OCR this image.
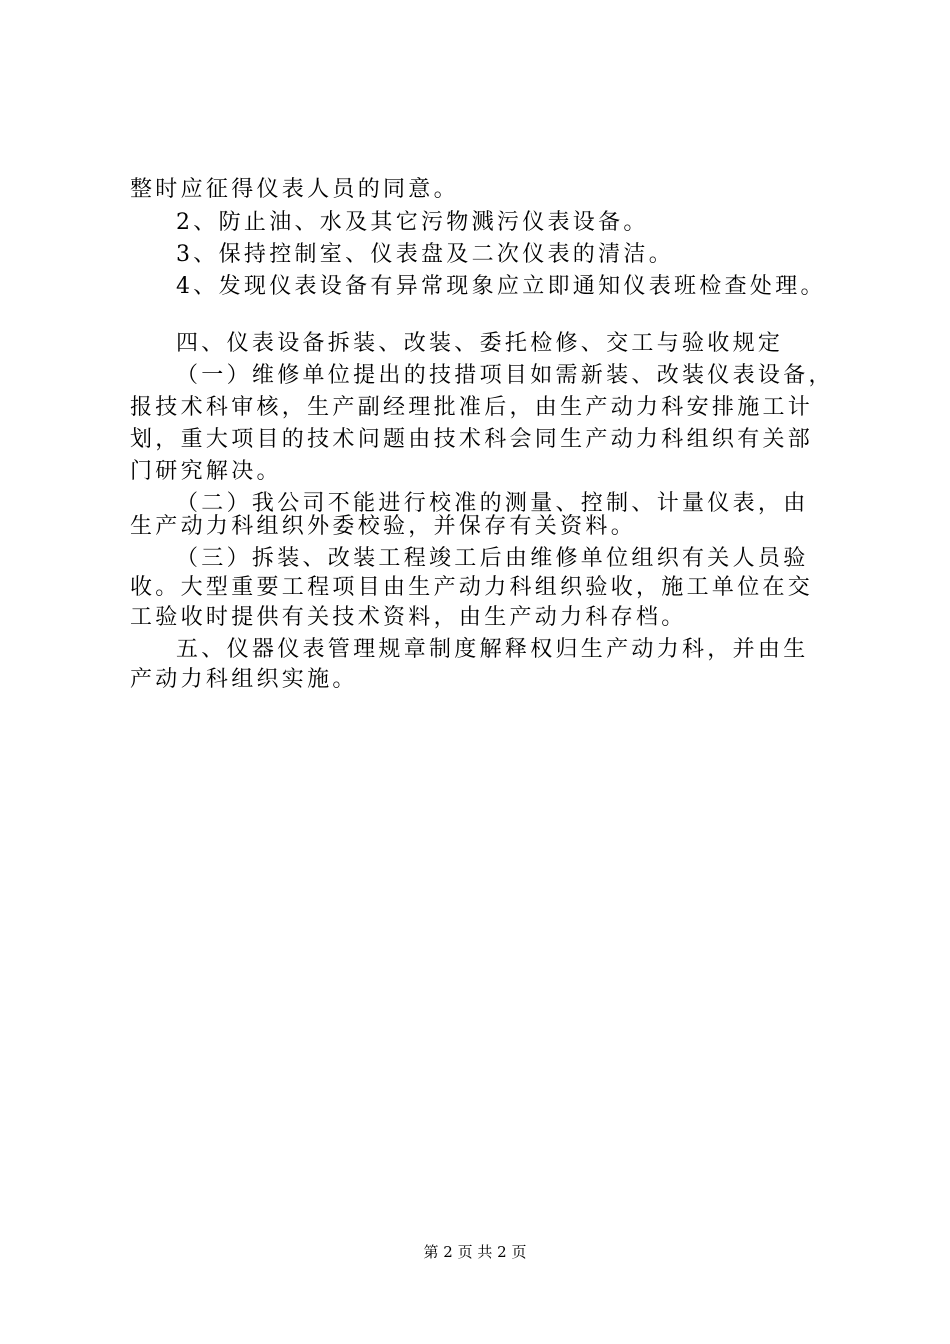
整时应征得仪表人员的同意。
2、防止油、水及其它污物溅污仪表设备。
3、保持控制室、仪表盘及二次仪表的清洁。
4、发现仪表设备有异常现象应立即通知仪表班检查处理。
四、仪表设备拆装、改装、委托检修、交工与验收规定
（一）维修单位提出的技措项目如需新装、改装仪表设备，
报技术科审核，生产副经理批准后，由生产动力科安排施工计
划，重大项目的技术问题由技术科会同生产动力科组织有关部
门研究解决。
（二）我公司不能进行校准的测量、控制、计量仪表，由
生产动力科组织外委校验，并保存有关资料。
（三）拆装、改装工程竣工后由维修单位组织有关人员验
收。大型重要工程项目由生产动力科组织验收，施工单位在交
工验收时提供有关技术资料，由生产动力科存档。
五、仪器仪表管理规章制度解释权归生产动力科，并由生
产动力科组织实施。
第 2 页 共 2 页
